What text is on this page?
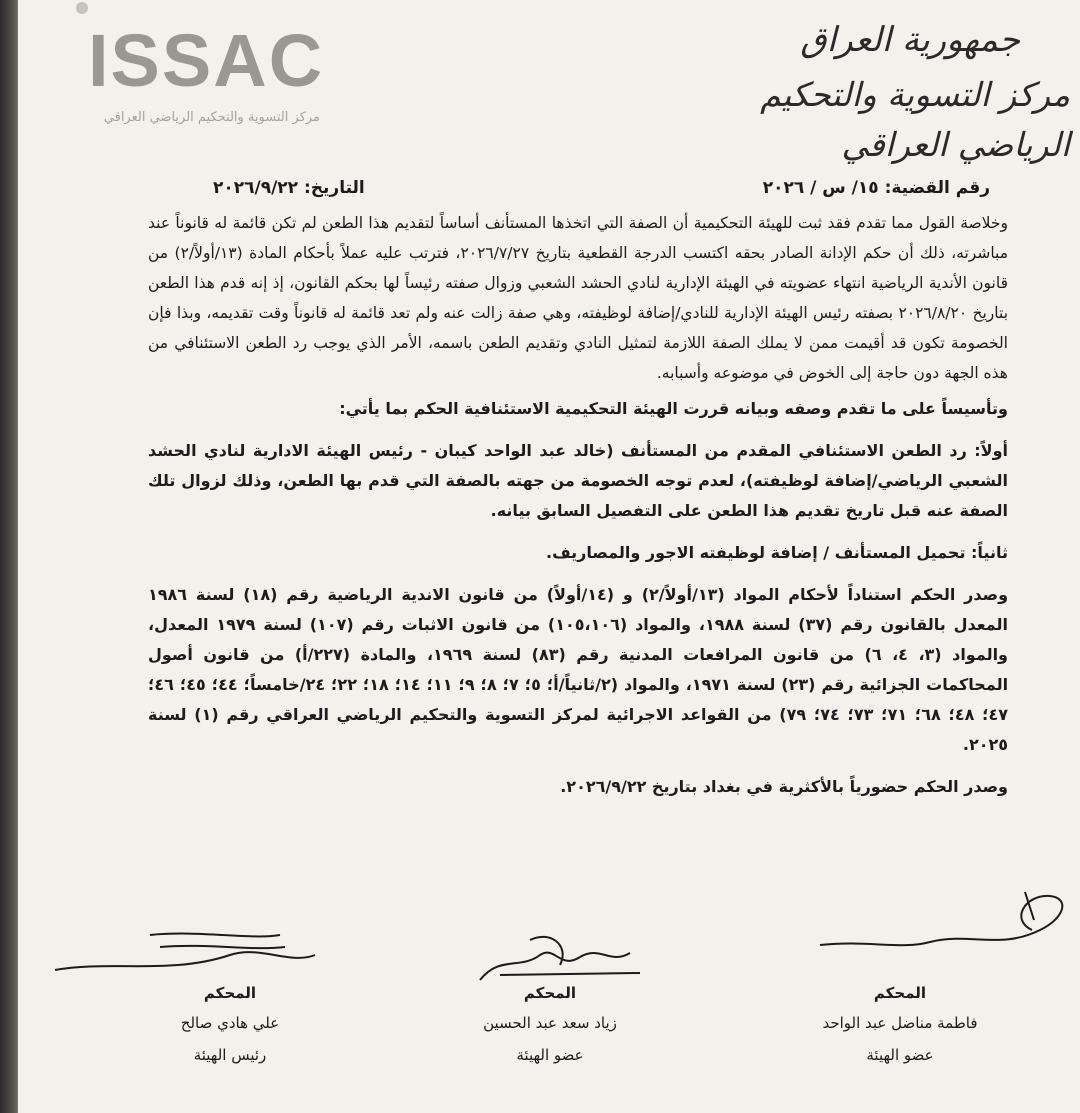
ISSAC
مركز التسوية والتحكيم الرياضي العراقي
جمهورية العراق
مركز التسوية والتحكيم الرياضي العراقي
رقم القضية: ١٥/ س / ٢٠٢٦
التاريخ: ٢٠٢٦/٩/٢٢

وخلاصة القول مما تقدم فقد ثبت للهيئة التحكيمية أن الصفة التي اتخذها المستأنف أساساً لتقديم هذا الطعن لم تكن قائمة له قانوناً عند مباشرته، ذلك أن حكم الإدانة الصادر بحقه اكتسب الدرجة القطعية بتاريخ ٢٠٢٦/٧/٢٧، فترتب عليه عملاً بأحكام المادة (١٣/أولاً/٢) من قانون الأندية الرياضية انتهاء عضويته في الهيئة الإدارية لنادي الحشد الشعبي وزوال صفته رئيساً لها بحكم القانون، إذ إنه قدم هذا الطعن بتاريخ ٢٠٢٦/٨/٢٠ بصفته رئيس الهيئة الإدارية للنادي/إضافة لوظيفته، وهي صفة زالت عنه ولم تعد قائمة له قانوناً وقت تقديمه، وبذا فإن الخصومة تكون قد أقيمت ممن لا يملك الصفة اللازمة لتمثيل النادي وتقديم الطعن باسمه، الأمر الذي يوجب رد الطعن الاستئنافي من هذه الجهة دون حاجة إلى الخوض في موضوعه وأسبابه.

وتأسيساً على ما تقدم وصفه وبيانه قررت الهيئة التحكيمية الاستئنافية الحكم بما يأتي:

أولاً: رد الطعن الاستئنافي المقدم من المستأنف (خالد عبد الواحد كيبان - رئيس الهيئة الادارية لنادي الحشد الشعبي الرياضي/إضافة لوظيفته)، لعدم توجه الخصومة من جهته بالصفة التي قدم بها الطعن، وذلك لزوال تلك الصفة عنه قبل تاريخ تقديم هذا الطعن على التفصيل السابق بيانه.

ثانياً: تحميل المستأنف / إضافة لوظيفته الاجور والمصاريف.

وصدر الحكم استناداً لأحكام المواد (١٣/أولاً/٢) و (١٤/أولاً) من قانون الاندية الرياضية رقم (١٨) لسنة ١٩٨٦ المعدل بالقانون رقم (٣٧) لسنة ١٩٨٨، والمواد (١٠٥،١٠٦) من قانون الاثبات رقم (١٠٧) لسنة ١٩٧٩ المعدل، والمواد (٣، ٤، ٦) من قانون المرافعات المدنية رقم (٨٣) لسنة ١٩٦٩، والمادة (٢٢٧/أ) من قانون أصول المحاكمات الجزائية رقم (٢٣) لسنة ١٩٧١، والمواد (٢/ثانياً/أ؛ ٥؛ ٧؛ ٨؛ ٩؛ ١١؛ ١٤؛ ١٨؛ ٢٢؛ ٢٤/خامساً؛ ٤٤؛ ٤٥؛ ٤٦؛ ٤٧؛ ٤٨؛ ٦٨؛ ٧١؛ ٧٣؛ ٧٤؛ ٧٩) من القواعد الاجرائية لمركز التسوية والتحكيم الرياضي العراقي رقم (١) لسنة ٢٠٢٥.

وصدر الحكم حضورياً بالأكثرية في بغداد بتاريخ ٢٠٢٦/٩/٢٢.

المحكم
فاطمة مناضل عبد الواحد
عضو الهيئة
المحكم
زياد سعد عبد الحسين
عضو الهيئة
المحكم
علي هادي صالح
رئيس الهيئة
